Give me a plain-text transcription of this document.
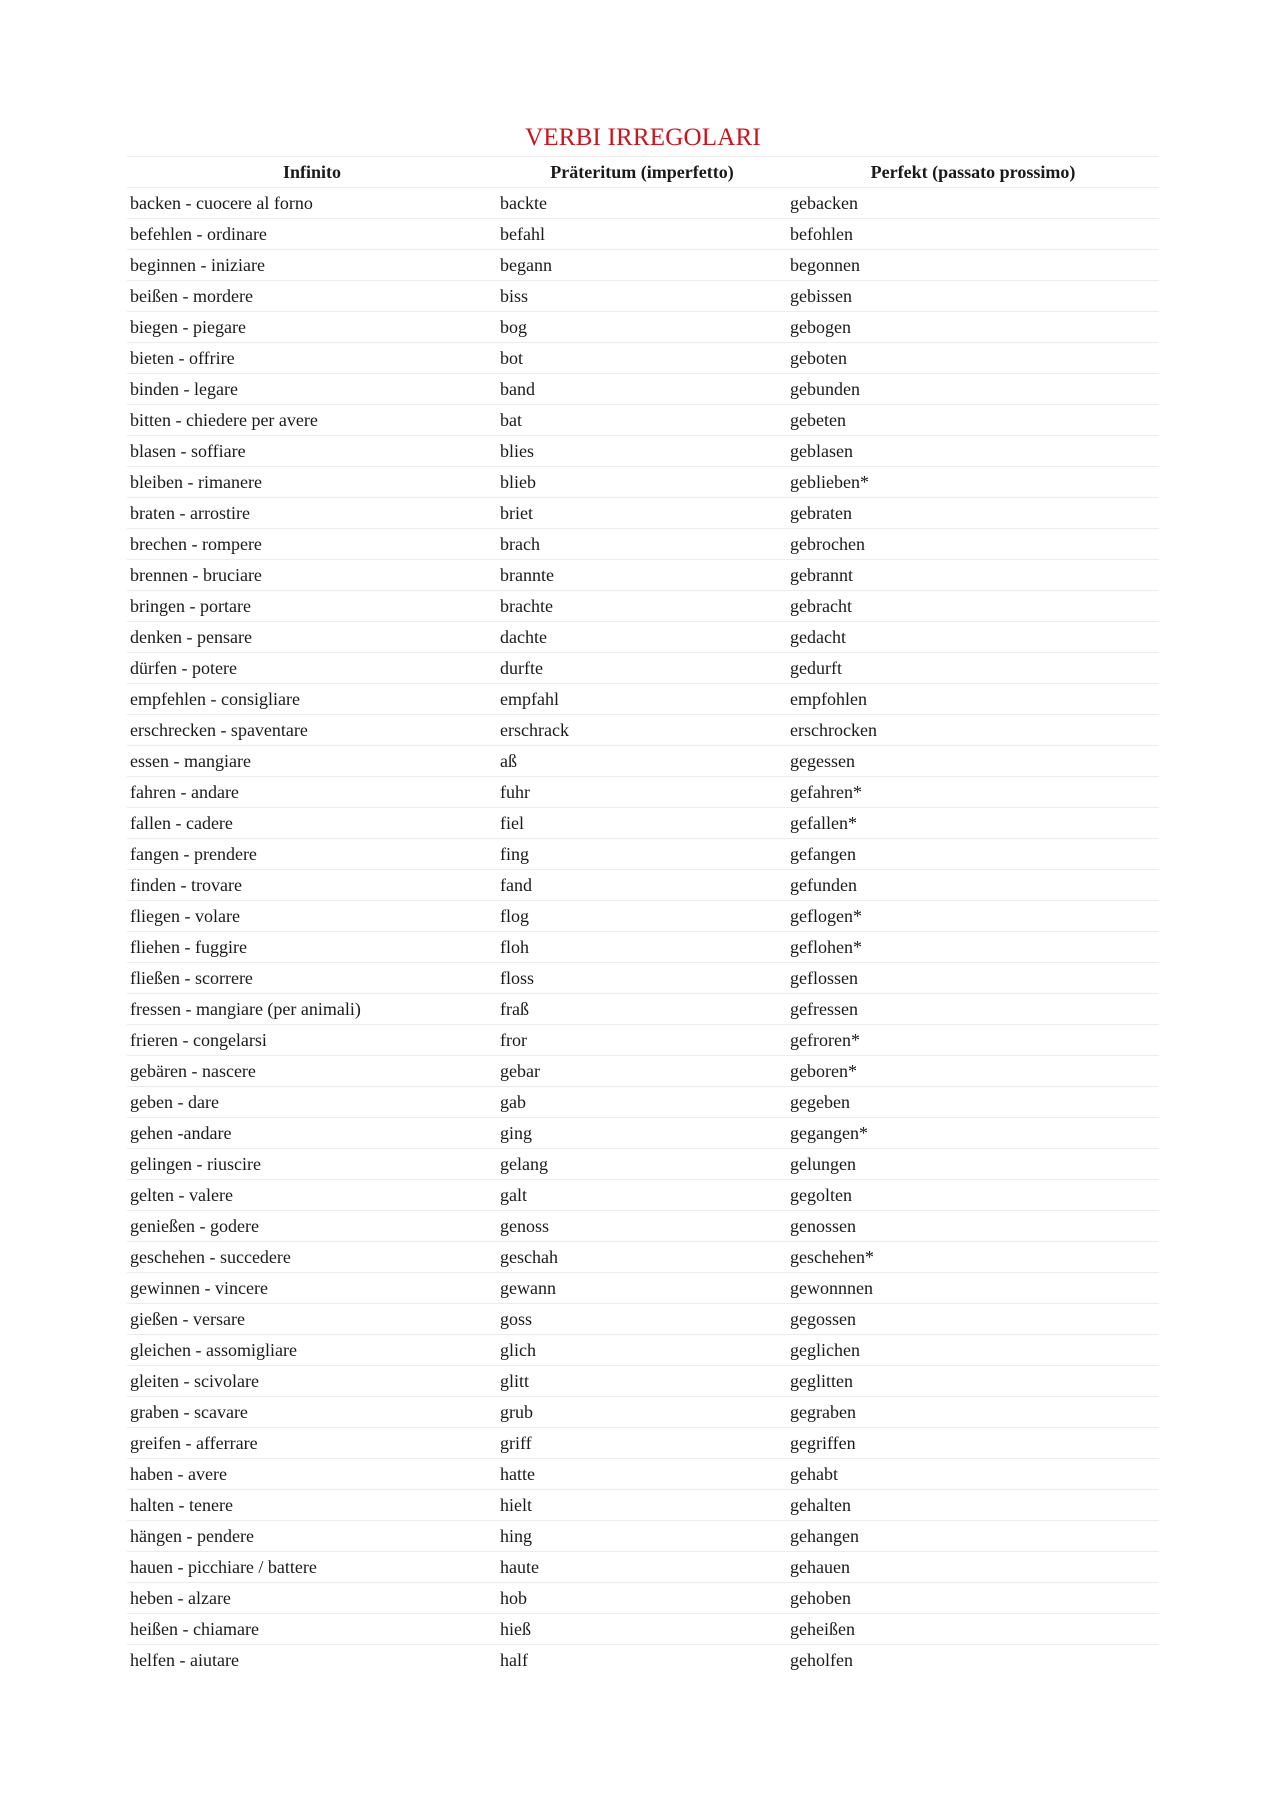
VERBI IRREGOLARI
Infinito	Präteritum (imperfetto)	Perfekt (passato prossimo)
backen - cuocere al forno	backte	gebacken
befehlen - ordinare	befahl	befohlen
beginnen - iniziare	begann	begonnen
beißen - mordere	biss	gebissen
biegen - piegare	bog	gebogen
bieten - offrire	bot	geboten
binden - legare	band	gebunden
bitten - chiedere per avere	bat	gebeten
blasen - soffiare	blies	geblasen
bleiben - rimanere	blieb	geblieben*
braten - arrostire	briet	gebraten
brechen - rompere	brach	gebrochen
brennen - bruciare	brannte	gebrannt
bringen - portare	brachte	gebracht
denken - pensare	dachte	gedacht
dürfen - potere	durfte	gedurft
empfehlen - consigliare	empfahl	empfohlen
erschrecken - spaventare	erschrack	erschrocken
essen - mangiare	aß	gegessen
fahren - andare	fuhr	gefahren*
fallen - cadere	fiel	gefallen*
fangen - prendere	fing	gefangen
finden - trovare	fand	gefunden
fliegen - volare	flog	geflogen*
fliehen - fuggire	floh	geflohen*
fließen - scorrere	floss	geflossen
fressen - mangiare (per animali)	fraß	gefressen
frieren - congelarsi	fror	gefroren*
gebären - nascere	gebar	geboren*
geben - dare	gab	gegeben
gehen -andare	ging	gegangen*
gelingen - riuscire	gelang	gelungen
gelten - valere	galt	gegolten
genießen - godere	genoss	genossen
geschehen - succedere	geschah	geschehen*
gewinnen - vincere	gewann	gewonnnen
gießen - versare	goss	gegossen
gleichen - assomigliare	glich	geglichen
gleiten - scivolare	glitt	geglitten
graben - scavare	grub	gegraben
greifen - afferrare	griff	gegriffen
haben - avere	hatte	gehabt
halten - tenere	hielt	gehalten
hängen - pendere	hing	gehangen
hauen - picchiare / battere	haute	gehauen
heben - alzare	hob	gehoben
heißen - chiamare	hieß	geheißen
helfen - aiutare	half	geholfen
